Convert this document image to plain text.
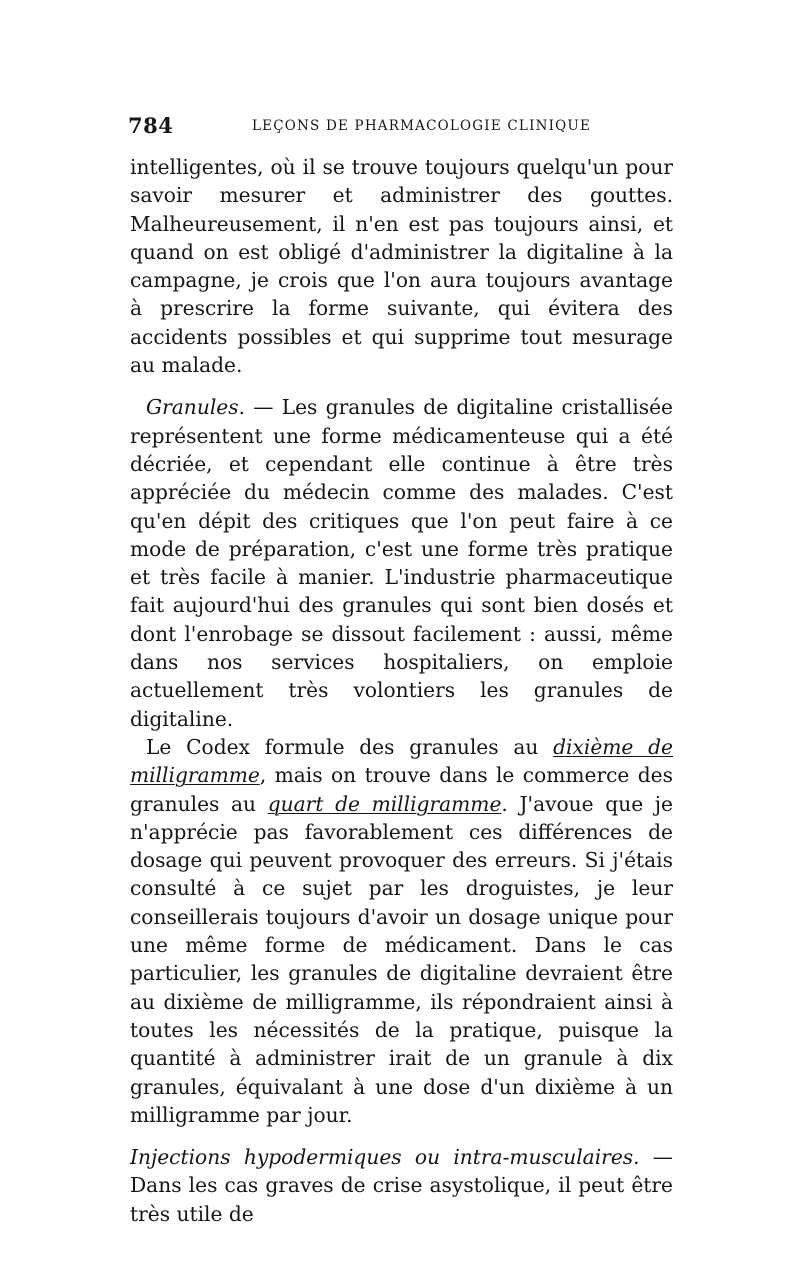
784	LEÇONS DE PHARMACOLOGIE CLINIQUE

intelligentes, où il se trouve toujours quelqu'un pour savoir mesurer et administrer des gouttes. Malheureusement, il n'en est pas toujours ainsi, et quand on est obligé d'administrer la digitaline à la campagne, je crois que l'on aura toujours avantage à prescrire la forme suivante, qui évitera des accidents possibles et qui supprime tout mesurage au malade.

Granules. — Les granules de digitaline cristallisée représentent une forme médicamenteuse qui a été décriée, et cependant elle continue à être très appréciée du médecin comme des malades. C'est qu'en dépit des critiques que l'on peut faire à ce mode de préparation, c'est une forme très pratique et très facile à manier. L'industrie pharmaceutique fait aujourd'hui des granules qui sont bien dosés et dont l'enrobage se dissout facilement : aussi, même dans nos services hospitaliers, on emploie actuellement très volontiers les granules de digitaline.

Le Codex formule des granules au dixième de milligramme, mais on trouve dans le commerce des granules au quart de milligramme. J'avoue que je n'apprécie pas favorablement ces différences de dosage qui peuvent provoquer des erreurs. Si j'étais consulté à ce sujet par les droguistes, je leur conseillerais toujours d'avoir un dosage unique pour une même forme de médicament. Dans le cas particulier, les granules de digitaline devraient être au dixième de milligramme, ils répondraient ainsi à toutes les nécessités de la pratique, puisque la quantité à administrer irait de un granule à dix granules, équivalant à une dose d'un dixième à un milligramme par jour.

Injections hypodermiques ou intra-musculaires. — Dans les cas graves de crise asystolique, il peut être très utile de
